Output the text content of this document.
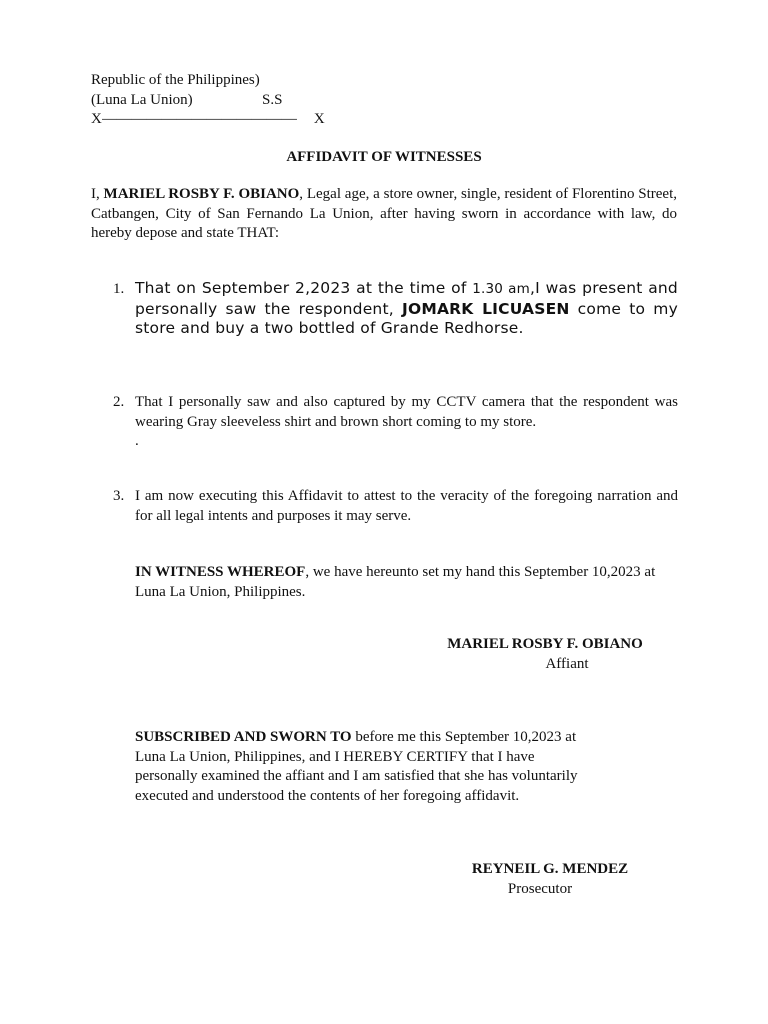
Republic of the Philippines)
(Luna La Union)	S.S
X————————————— X
AFFIDAVIT OF WITNESSES
I, MARIEL ROSBY F. OBIANO, Legal age, a store owner, single, resident of Florentino Street, Catbangen, City of San Fernando La Union, after having sworn in accordance with law, do hereby depose and state THAT:
1. That on September 2,2023 at the time of 1.30 am,I was present and personally saw the respondent, JOMARK LICUASEN come to my store and buy a two bottled of Grande Redhorse.
2. That I personally saw and also captured by my CCTV camera that the respondent was wearing Gray sleeveless shirt and brown short coming to my store.
.
3. I am now executing this Affidavit to attest to the veracity of the foregoing narration and for all legal intents and purposes it may serve.
IN WITNESS WHEREOF, we have hereunto set my hand this September 10,2023 at Luna La Union, Philippines.
MARIEL ROSBY F. OBIANO
Affiant
SUBSCRIBED AND SWORN TO before me this September 10,2023 at
Luna La Union, Philippines, and I HEREBY CERTIFY that I have
personally examined the affiant and I am satisfied that she has voluntarily
executed and understood the contents of her foregoing affidavit.
REYNEIL G. MENDEZ
Prosecutor
